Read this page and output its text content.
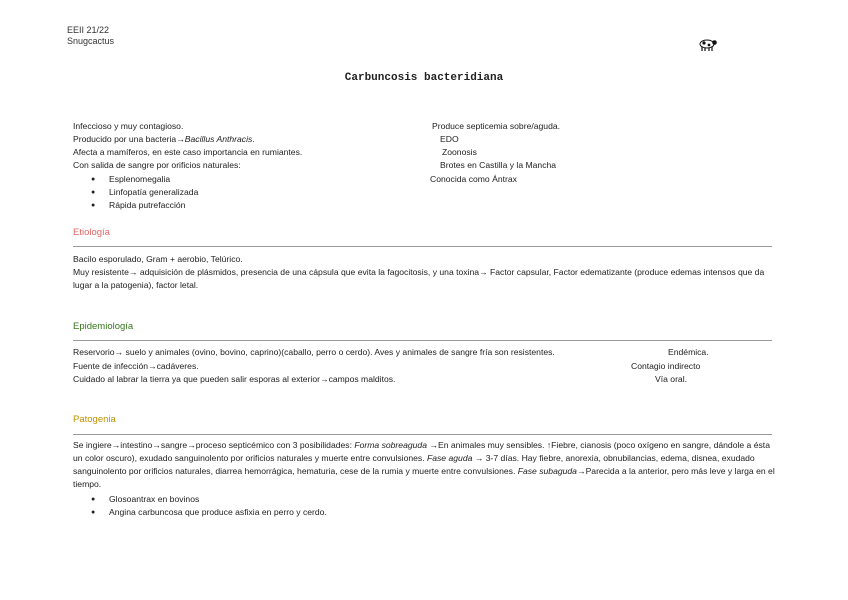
EEII 21/22
Snugcactus
Carbuncosis bacteridiana
Infeccioso y muy contagioso.
Producido por una bacteria→Bacillus Anthracis.
Afecta a mamíferos, en este caso importancia en rumiantes.
Con salida de sangre por orificios naturales:
● Esplenomegalia
● Linfopatía generalizada
● Rápida putrefacción
Produce septicemia sobre/aguda.
EDO
Zoonosis
Brotes en Castilla y la Mancha
Conocida como Ántrax
Etiología
Bacilo esporulado, Gram + aerobio, Telúrico.
Muy resistente→ adquisición de plásmidos, presencia de una cápsula que evita la fagocitosis, y una toxina→ Factor capsular, Factor edematizante (produce edemas intensos que da lugar a la patogenia), factor letal.
Epidemiología
Reservorio→ suelo y animales (ovino, bovino, caprino)(caballo, perro o cerdo). Aves y animales de sangre fría son resistentes.	Endémica.
Fuente de infección→cadáveres.	Contagio indirecto
Cuidado al labrar la tierra ya que pueden salir esporas al exterior→campos malditos.	Vía oral.
Patogenia
Se ingiere→intestino→sangre→proceso septicémico con 3 posibilidades: Forma sobreaguda →En animales muy sensibles. ↑Fiebre, cianosis (poco oxígeno en sangre, dándole a ésta un color oscuro), exudado sanguinolento por orificios naturales y muerte entre convulsiones. Fase aguda → 3-7 días. Hay fiebre, anorexia, obnubilancias, edema, disnea, exudado sanguinolento por orificios naturales, diarrea hemorrágica, hematuria, cese de la rumia y muerte entre convulsiones. Fase subaguda→Parecida a la anterior, pero más leve y larga en el tiempo.
● Glosoantrax en bovinos
● Angina carbuncosa que produce asfixia en perro y cerdo.
